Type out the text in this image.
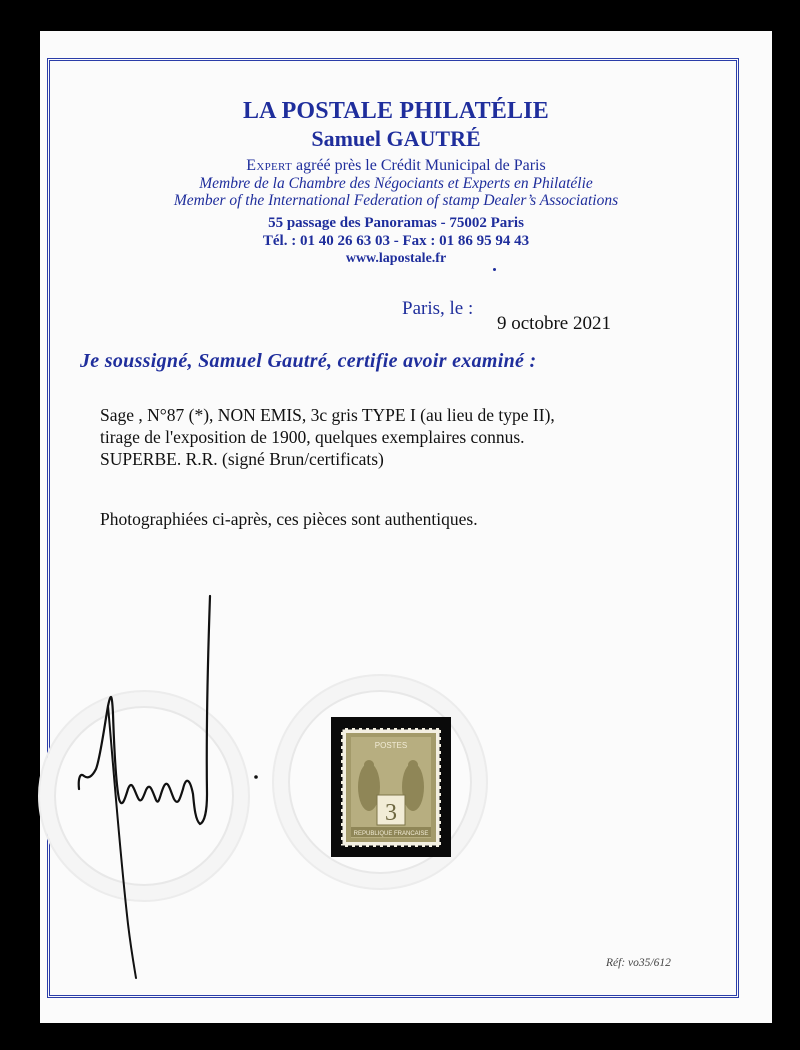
LA POSTALE PHILATÉLIE
Samuel GAUTRÉ
Expert agréé près le Crédit Municipal de Paris
Membre de la Chambre des Négociants et Experts en Philatélie
Member of the International Federation of stamp Dealer’s Associations
55 passage des Panoramas - 75002 Paris
Tél. : 01 40 26 63 03 - Fax : 01 86 95 94 43
www.lapostale.fr
Paris, le :
9 octobre 2021
Je soussigné, Samuel Gautré, certifie avoir examiné :
Sage , N°87 (*), NON EMIS, 3c gris TYPE I (au lieu de type II),
tirage de l'exposition de 1900, quelques exemplaires connus.
SUPERBE. R.R. (signé Brun/certificats)
Photographiées ci-après, ces pièces sont authentiques.
POSTES
3
REPUBLIQUE FRANCAISE
Réf: vo35/612
